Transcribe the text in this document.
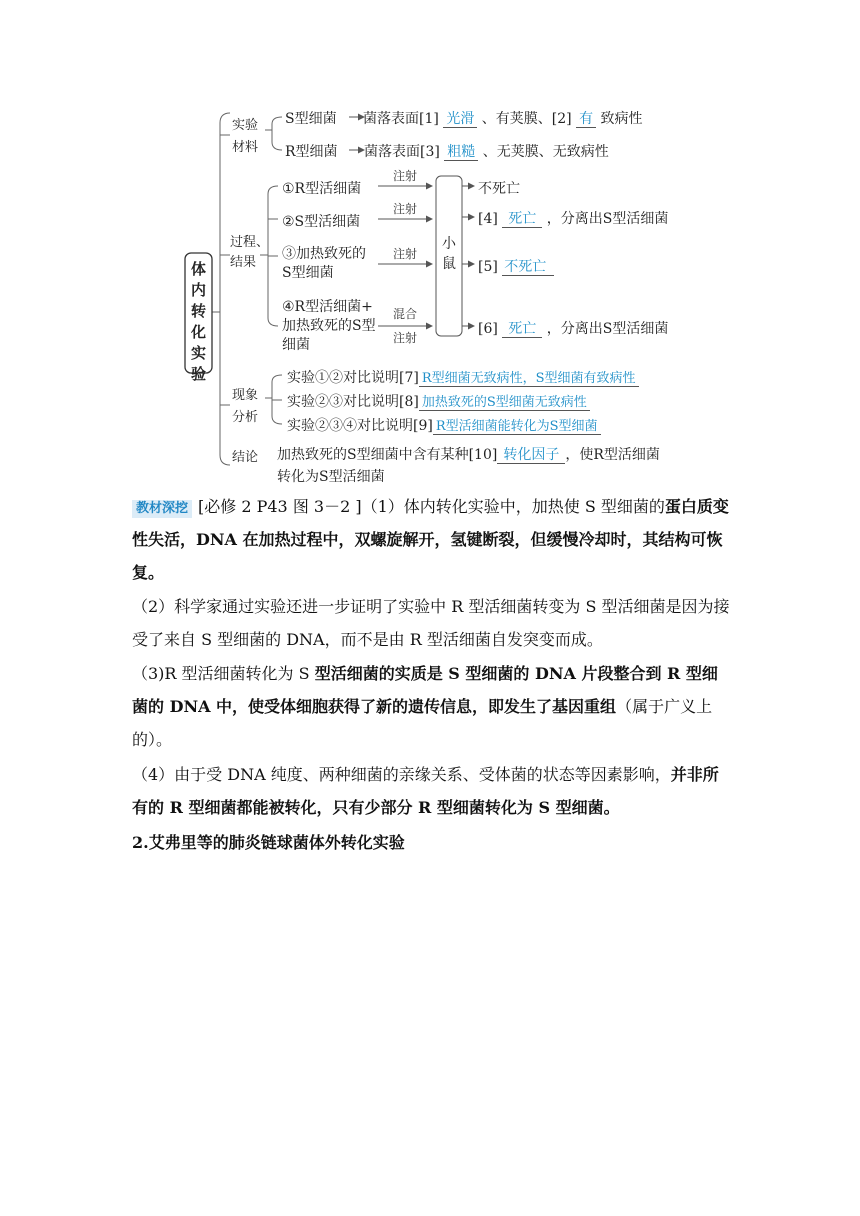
体内转化实验
实验
材料
过程、
结果
现象
分析
结论
S型细菌 菌落表面[1] 光滑 、有荚膜、[2] 有 致病性
R型细菌 菌落表面[3] 粗糙 、无荚膜、无致病性
①R型活细菌
②S型活细菌
③加热致死的
S型细菌
④R型活细菌+
加热致死的S型
细菌
注射
注射
注射
混合
注射
小
鼠
不死亡
[4] 死亡 ，分离出S型活细菌
[5] 不死亡
[6] 死亡 ，分离出S型活细菌
实验①②对比说明[7] R型细菌无致病性，S型细菌有致病性
实验②③对比说明[8] 加热致死的S型细菌无致病性
实验②③④对比说明[9] R型活细菌能转化为S型细菌
加热致死的S型细菌中含有某种[10] 转化因子 ，使R型活细菌
转化为S型活细菌
教材深挖 [必修 2 P43 图 3－2 ]（1）体内转化实验中，加热使 S 型细菌的蛋白质变性失活，DNA 在加热过程中，双螺旋解开，氢键断裂，但缓慢冷却时，其结构可恢复。
（2）科学家通过实验还进一步证明了实验中 R 型活细菌转变为 S 型活细菌是因为接受了来自 S 型细菌的 DNA，而不是由 R 型活细菌自发突变而成。
（3)R 型活细菌转化为 S 型活细菌的实质是 S 型细菌的 DNA 片段整合到 R 型细菌的 DNA 中，使受体细胞获得了新的遗传信息，即发生了基因重组（属于广义上的）。
（4）由于受 DNA 纯度、两种细菌的亲缘关系、受体菌的状态等因素影响，并非所有的 R 型细菌都能被转化，只有少部分 R 型细菌转化为 S 型细菌。
2.艾弗里等的肺炎链球菌体外转化实验
